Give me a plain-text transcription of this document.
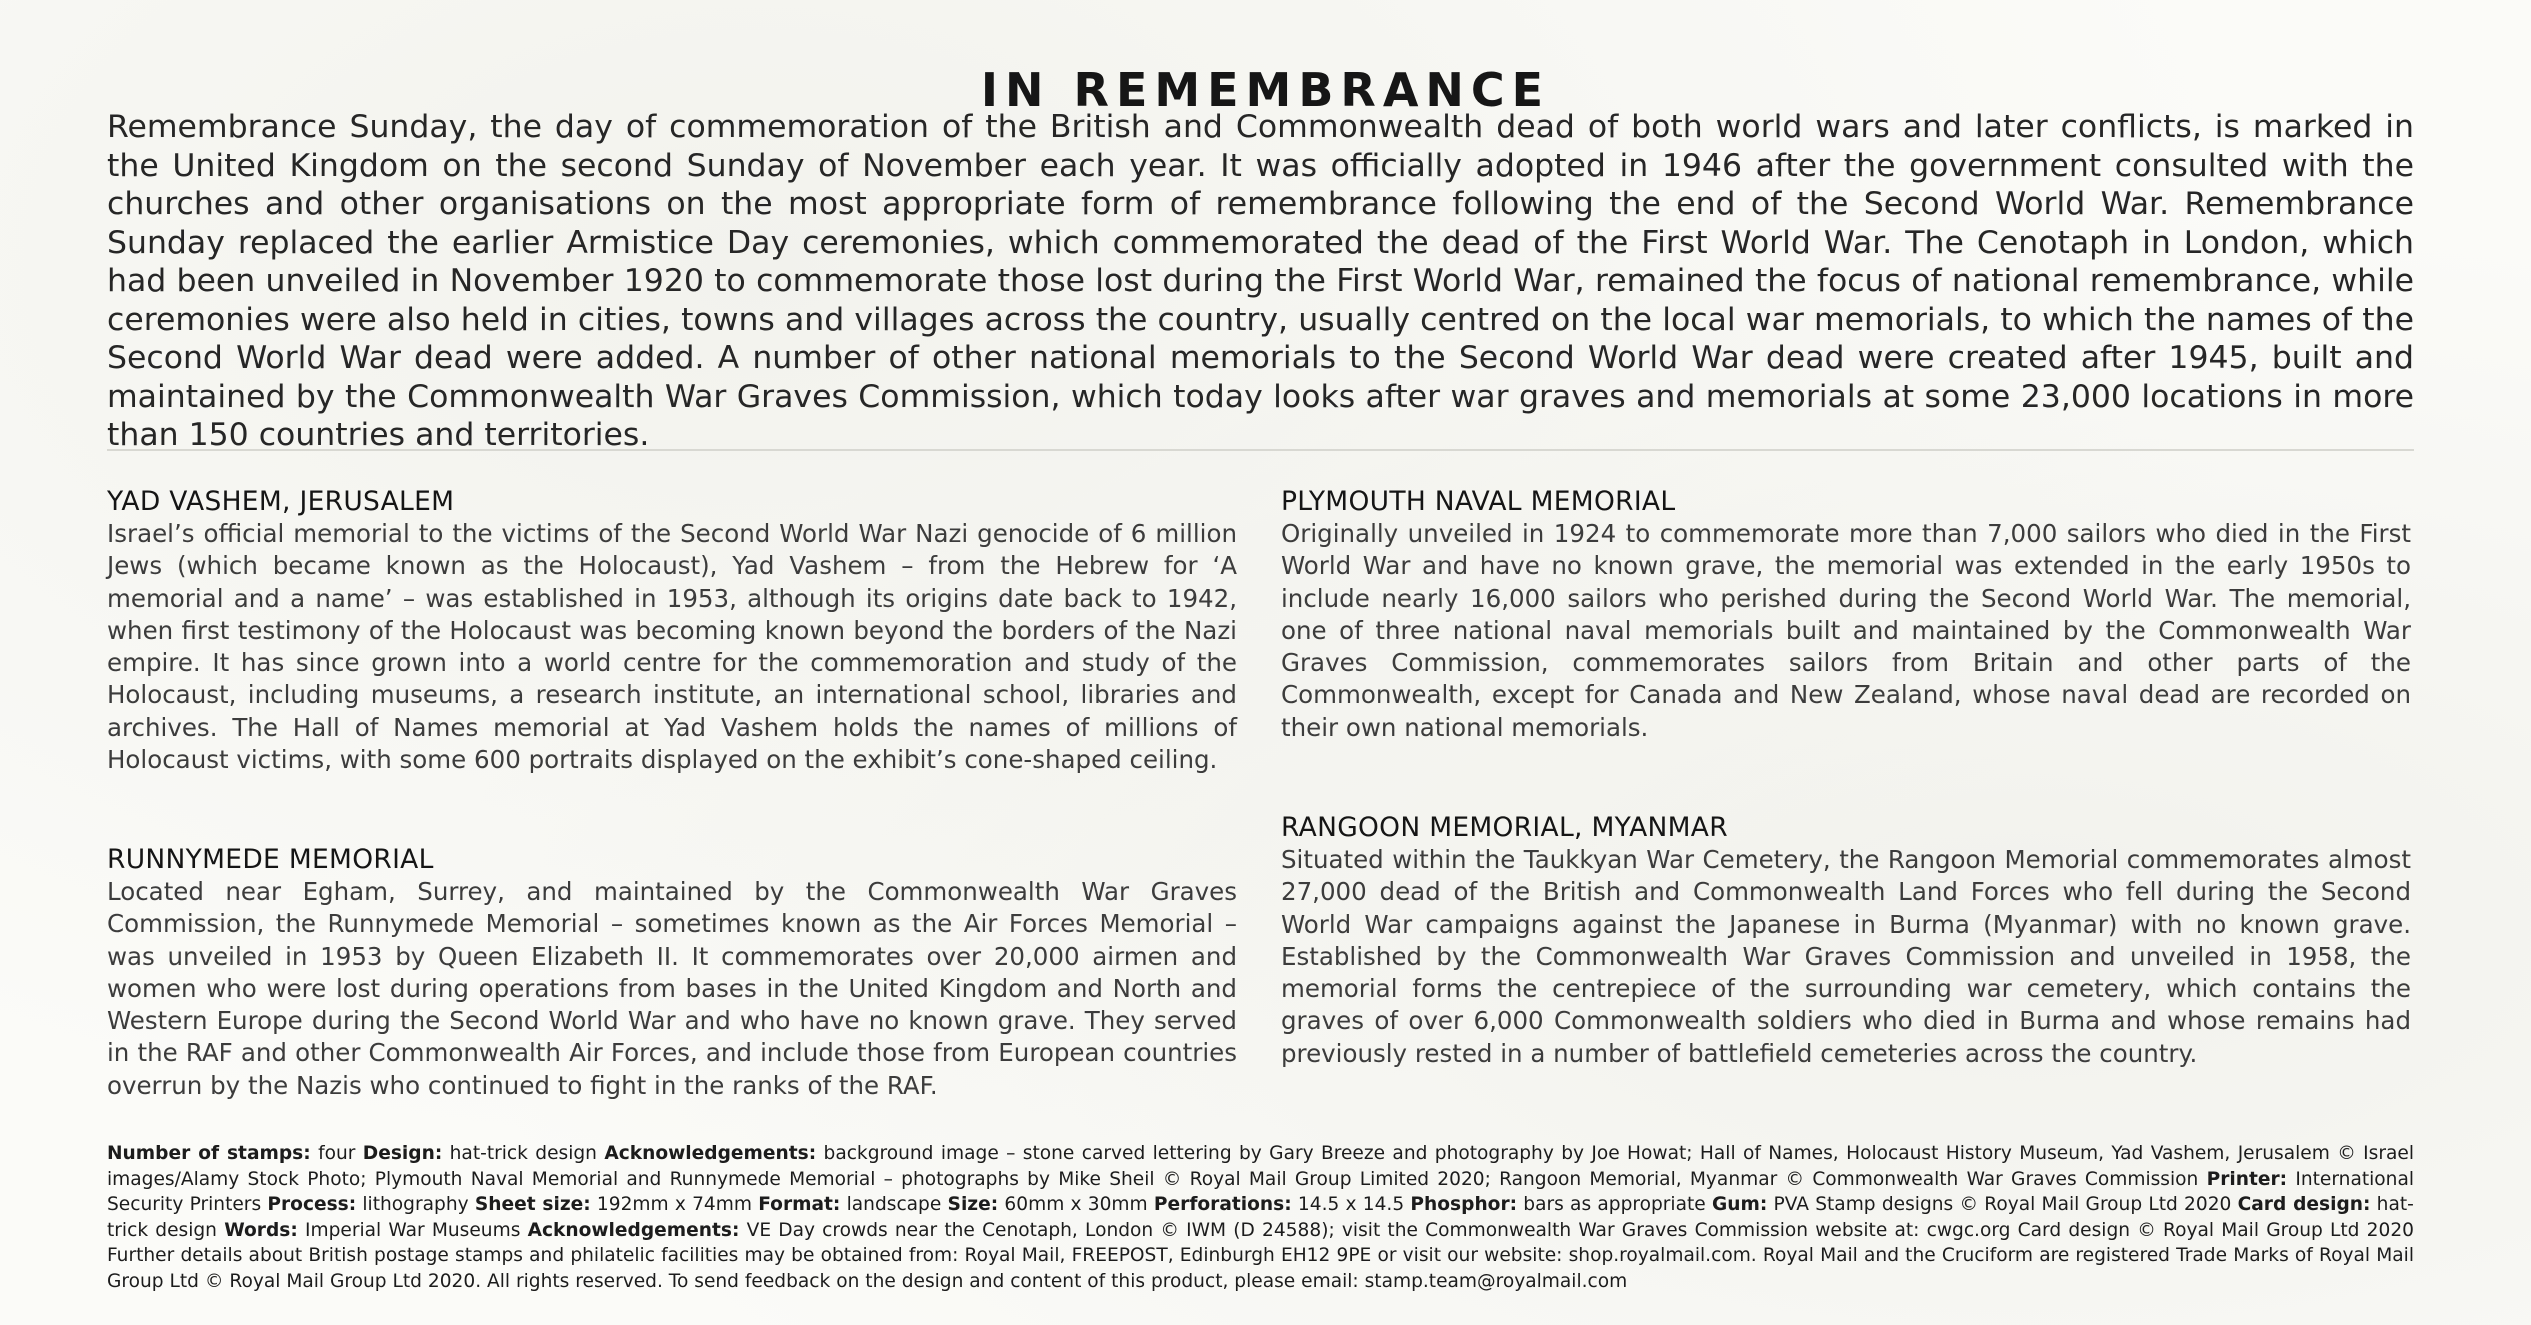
IN REMEMBRANCE

Remembrance Sunday, the day of commemoration of the British and Commonwealth dead of both world wars and later conflicts, is marked in the United Kingdom on the second Sunday of November each year. It was officially adopted in 1946 after the government consulted with the churches and other organisations on the most appropriate form of remembrance following the end of the Second World War. Remembrance Sunday replaced the earlier Armistice Day ceremonies, which commemorated the dead of the First World War. The Cenotaph in London, which had been unveiled in November 1920 to commemorate those lost during the First World War, remained the focus of national remembrance, while ceremonies were also held in cities, towns and villages across the country, usually centred on the local war memorials, to which the names of the Second World War dead were added. A number of other national memorials to the Second World War dead were created after 1945, built and maintained by the Commonwealth War Graves Commission, which today looks after war graves and memorials at some 23,000 locations in more than 150 countries and territories.

YAD VASHEM, JERUSALEM

Israel’s official memorial to the victims of the Second World War Nazi genocide of 6 million Jews (which became known as the Holocaust), Yad Vashem – from the Hebrew for ‘A memorial and a name’ – was established in 1953, although its origins date back to 1942, when first testimony of the Holocaust was becoming known beyond the borders of the Nazi empire. It has since grown into a world centre for the commemoration and study of the Holocaust, including museums, a research institute, an international school, libraries and archives. The Hall of Names memorial at Yad Vashem holds the names of millions of Holocaust victims, with some 600 portraits displayed on the exhibit’s cone-shaped ceiling.

RUNNYMEDE MEMORIAL

Located near Egham, Surrey, and maintained by the Commonwealth War Graves Commission, the Runnymede Memorial – sometimes known as the Air Forces Memorial – was unveiled in 1953 by Queen Elizabeth II. It commemorates over 20,000 airmen and women who were lost during operations from bases in the United Kingdom and North and Western Europe during the Second World War and who have no known grave. They served in the RAF and other Commonwealth Air Forces, and include those from European countries overrun by the Nazis who continued to fight in the ranks of the RAF.

PLYMOUTH NAVAL MEMORIAL

Originally unveiled in 1924 to commemorate more than 7,000 sailors who died in the First World War and have no known grave, the memorial was extended in the early 1950s to include nearly 16,000 sailors who perished during the Second World War. The memorial, one of three national naval memorials built and maintained by the Commonwealth War Graves Commission, commemorates sailors from Britain and other parts of the Commonwealth, except for Canada and New Zealand, whose naval dead are recorded on their own national memorials.

RANGOON MEMORIAL, MYANMAR

Situated within the Taukkyan War Cemetery, the Rangoon Memorial commemorates almost 27,000 dead of the British and Commonwealth Land Forces who fell during the Second World War campaigns against the Japanese in Burma (Myanmar) with no known grave. Established by the Commonwealth War Graves Commission and unveiled in 1958, the memorial forms the centrepiece of the surrounding war cemetery, which contains the graves of over 6,000 Commonwealth soldiers who died in Burma and whose remains had previously rested in a number of battlefield cemeteries across the country.

Number of stamps: four Design: hat-trick design Acknowledgements: background image – stone carved lettering by Gary Breeze and photography by Joe Howat; Hall of Names, Holocaust History Museum, Yad Vashem, Jerusalem © Israel images/Alamy Stock Photo; Plymouth Naval Memorial and Runnymede Memorial – photographs by Mike Sheil © Royal Mail Group Limited 2020; Rangoon Memorial, Myanmar © Commonwealth War Graves Commission Printer: International Security Printers Process: lithography Sheet size: 192mm x 74mm Format: landscape Size: 60mm x 30mm Perforations: 14.5 x 14.5 Phosphor: bars as appropriate Gum: PVA Stamp designs © Royal Mail Group Ltd 2020 Card design: hat-trick design Words: Imperial War Museums Acknowledgements: VE Day crowds near the Cenotaph, London © IWM (D 24588); visit the Commonwealth War Graves Commission website at: cwgc.org Card design © Royal Mail Group Ltd 2020 Further details about British postage stamps and philatelic facilities may be obtained from: Royal Mail, FREEPOST, Edinburgh EH12 9PE or visit our website: shop.royalmail.com. Royal Mail and the Cruciform are registered Trade Marks of Royal Mail Group Ltd © Royal Mail Group Ltd 2020. All rights reserved. To send feedback on the design and content of this product, please email: stamp.team@royalmail.com
